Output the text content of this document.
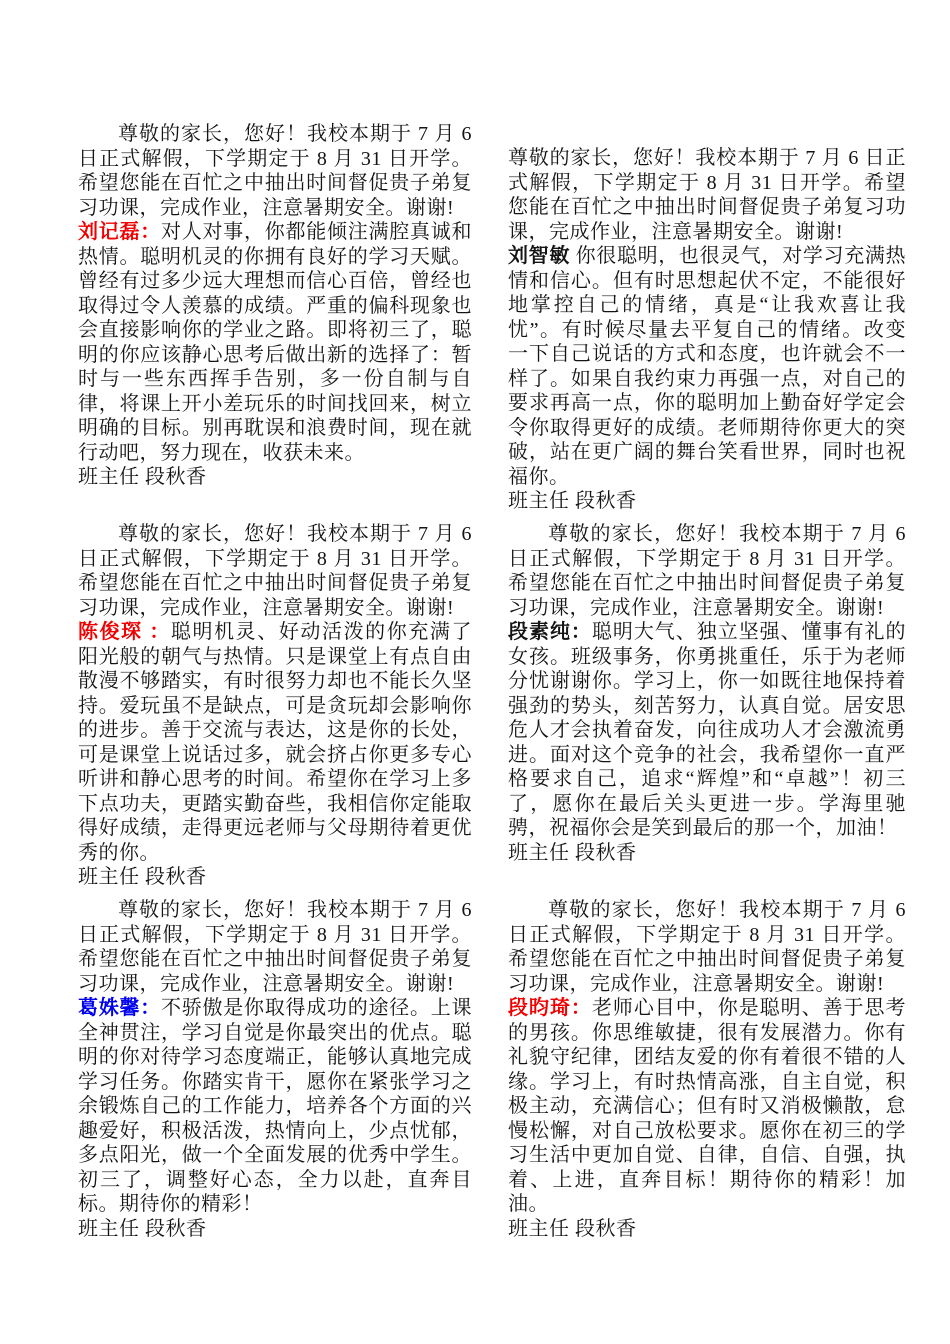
尊敬的家长，您好！我校本期于 7 月 6 日正式解假，下学期定于 8 月 31 日开学。希望您能在百忙之中抽出时间督促贵子弟复习功课，完成作业，注意暑期安全。谢谢!

刘记磊：对人对事，你都能倾注满腔真诚和热情。聪明机灵的你拥有良好的学习天赋。曾经有过多少远大理想而信心百倍，曾经也取得过令人羡慕的成绩。严重的偏科现象也会直接影响你的学业之路。即将初三了，聪明的你应该静心思考后做出新的选择了：暂时与一些东西挥手告别，多一份自制与自律，将课上开小差玩乐的时间找回来，树立明确的目标。别再耽误和浪费时间，现在就行动吧，努力现在，收获未来。

班主任 段秋香

尊敬的家长，您好！我校本期于 7 月 6 日正式解假，下学期定于 8 月 31 日开学。希望您能在百忙之中抽出时间督促贵子弟复习功课，完成作业，注意暑期安全。谢谢!

刘智敏 你很聪明，也很灵气，对学习充满热情和信心。但有时思想起伏不定，不能很好地掌控自己的情绪，真是“让我欢喜让我忧”。有时候尽量去平复自己的情绪。改变一下自己说话的方式和态度，也许就会不一样了。如果自我约束力再强一点，对自己的要求再高一点，你的聪明加上勤奋好学定会令你取得更好的成绩。老师期待你更大的突破，站在更广阔的舞台笑看世界，同时也祝福你。

班主任 段秋香

尊敬的家长，您好！我校本期于 7 月 6 日正式解假，下学期定于 8 月 31 日开学。希望您能在百忙之中抽出时间督促贵子弟复习功课，完成作业，注意暑期安全。谢谢!

陈俊琛 ：聪明机灵、好动活泼的你充满了阳光般的朝气与热情。只是课堂上有点自由散漫不够踏实，有时很努力却也不能长久坚持。爱玩虽不是缺点，可是贪玩却会影响你的进步。善于交流与表达，这是你的长处，可是课堂上说话过多，就会挤占你更多专心听讲和静心思考的时间。希望你在学习上多下点功夫，更踏实勤奋些，我相信你定能取得好成绩，走得更远老师与父母期待着更优秀的你。

班主任 段秋香

尊敬的家长，您好！我校本期于 7 月 6 日正式解假，下学期定于 8 月 31 日开学。希望您能在百忙之中抽出时间督促贵子弟复习功课，完成作业，注意暑期安全。谢谢!

段素纯：聪明大气、独立坚强、懂事有礼的女孩。班级事务，你勇挑重任，乐于为老师分忧谢谢你。学习上，你一如既往地保持着强劲的势头，刻苦努力，认真自觉。居安思危人才会执着奋发，向往成功人才会激流勇进。面对这个竞争的社会，我希望你一直严格要求自己，追求“辉煌”和“卓越”！初三了，愿你在最后关头更进一步。学海里驰骋，祝福你会是笑到最后的那一个，加油！

班主任 段秋香

尊敬的家长，您好！我校本期于 7 月 6 日正式解假，下学期定于 8 月 31 日开学。希望您能在百忙之中抽出时间督促贵子弟复习功课，完成作业，注意暑期安全。谢谢!

葛姝馨：不骄傲是你取得成功的途径。上课全神贯注，学习自觉是你最突出的优点。聪明的你对待学习态度端正，能够认真地完成学习任务。你踏实肯干，愿你在紧张学习之余锻炼自己的工作能力，培养各个方面的兴趣爱好，积极活泼，热情向上，少点忧郁，多点阳光，做一个全面发展的优秀中学生。初三了，调整好心态，全力以赴，直奔目标。期待你的精彩！

班主任 段秋香

尊敬的家长，您好！我校本期于 7 月 6 日正式解假，下学期定于 8 月 31 日开学。希望您能在百忙之中抽出时间督促贵子弟复习功课，完成作业，注意暑期安全。谢谢!

段昀琦：老师心目中，你是聪明、善于思考的男孩。你思维敏捷，很有发展潜力。你有礼貌守纪律，团结友爱的你有着很不错的人缘。学习上，有时热情高涨，自主自觉，积极主动，充满信心；但有时又消极懒散，怠慢松懈，对自己放松要求。愿你在初三的学习生活中更加自觉、自律，自信、自强，执着、上进，直奔目标！期待你的精彩！加油。

班主任 段秋香
